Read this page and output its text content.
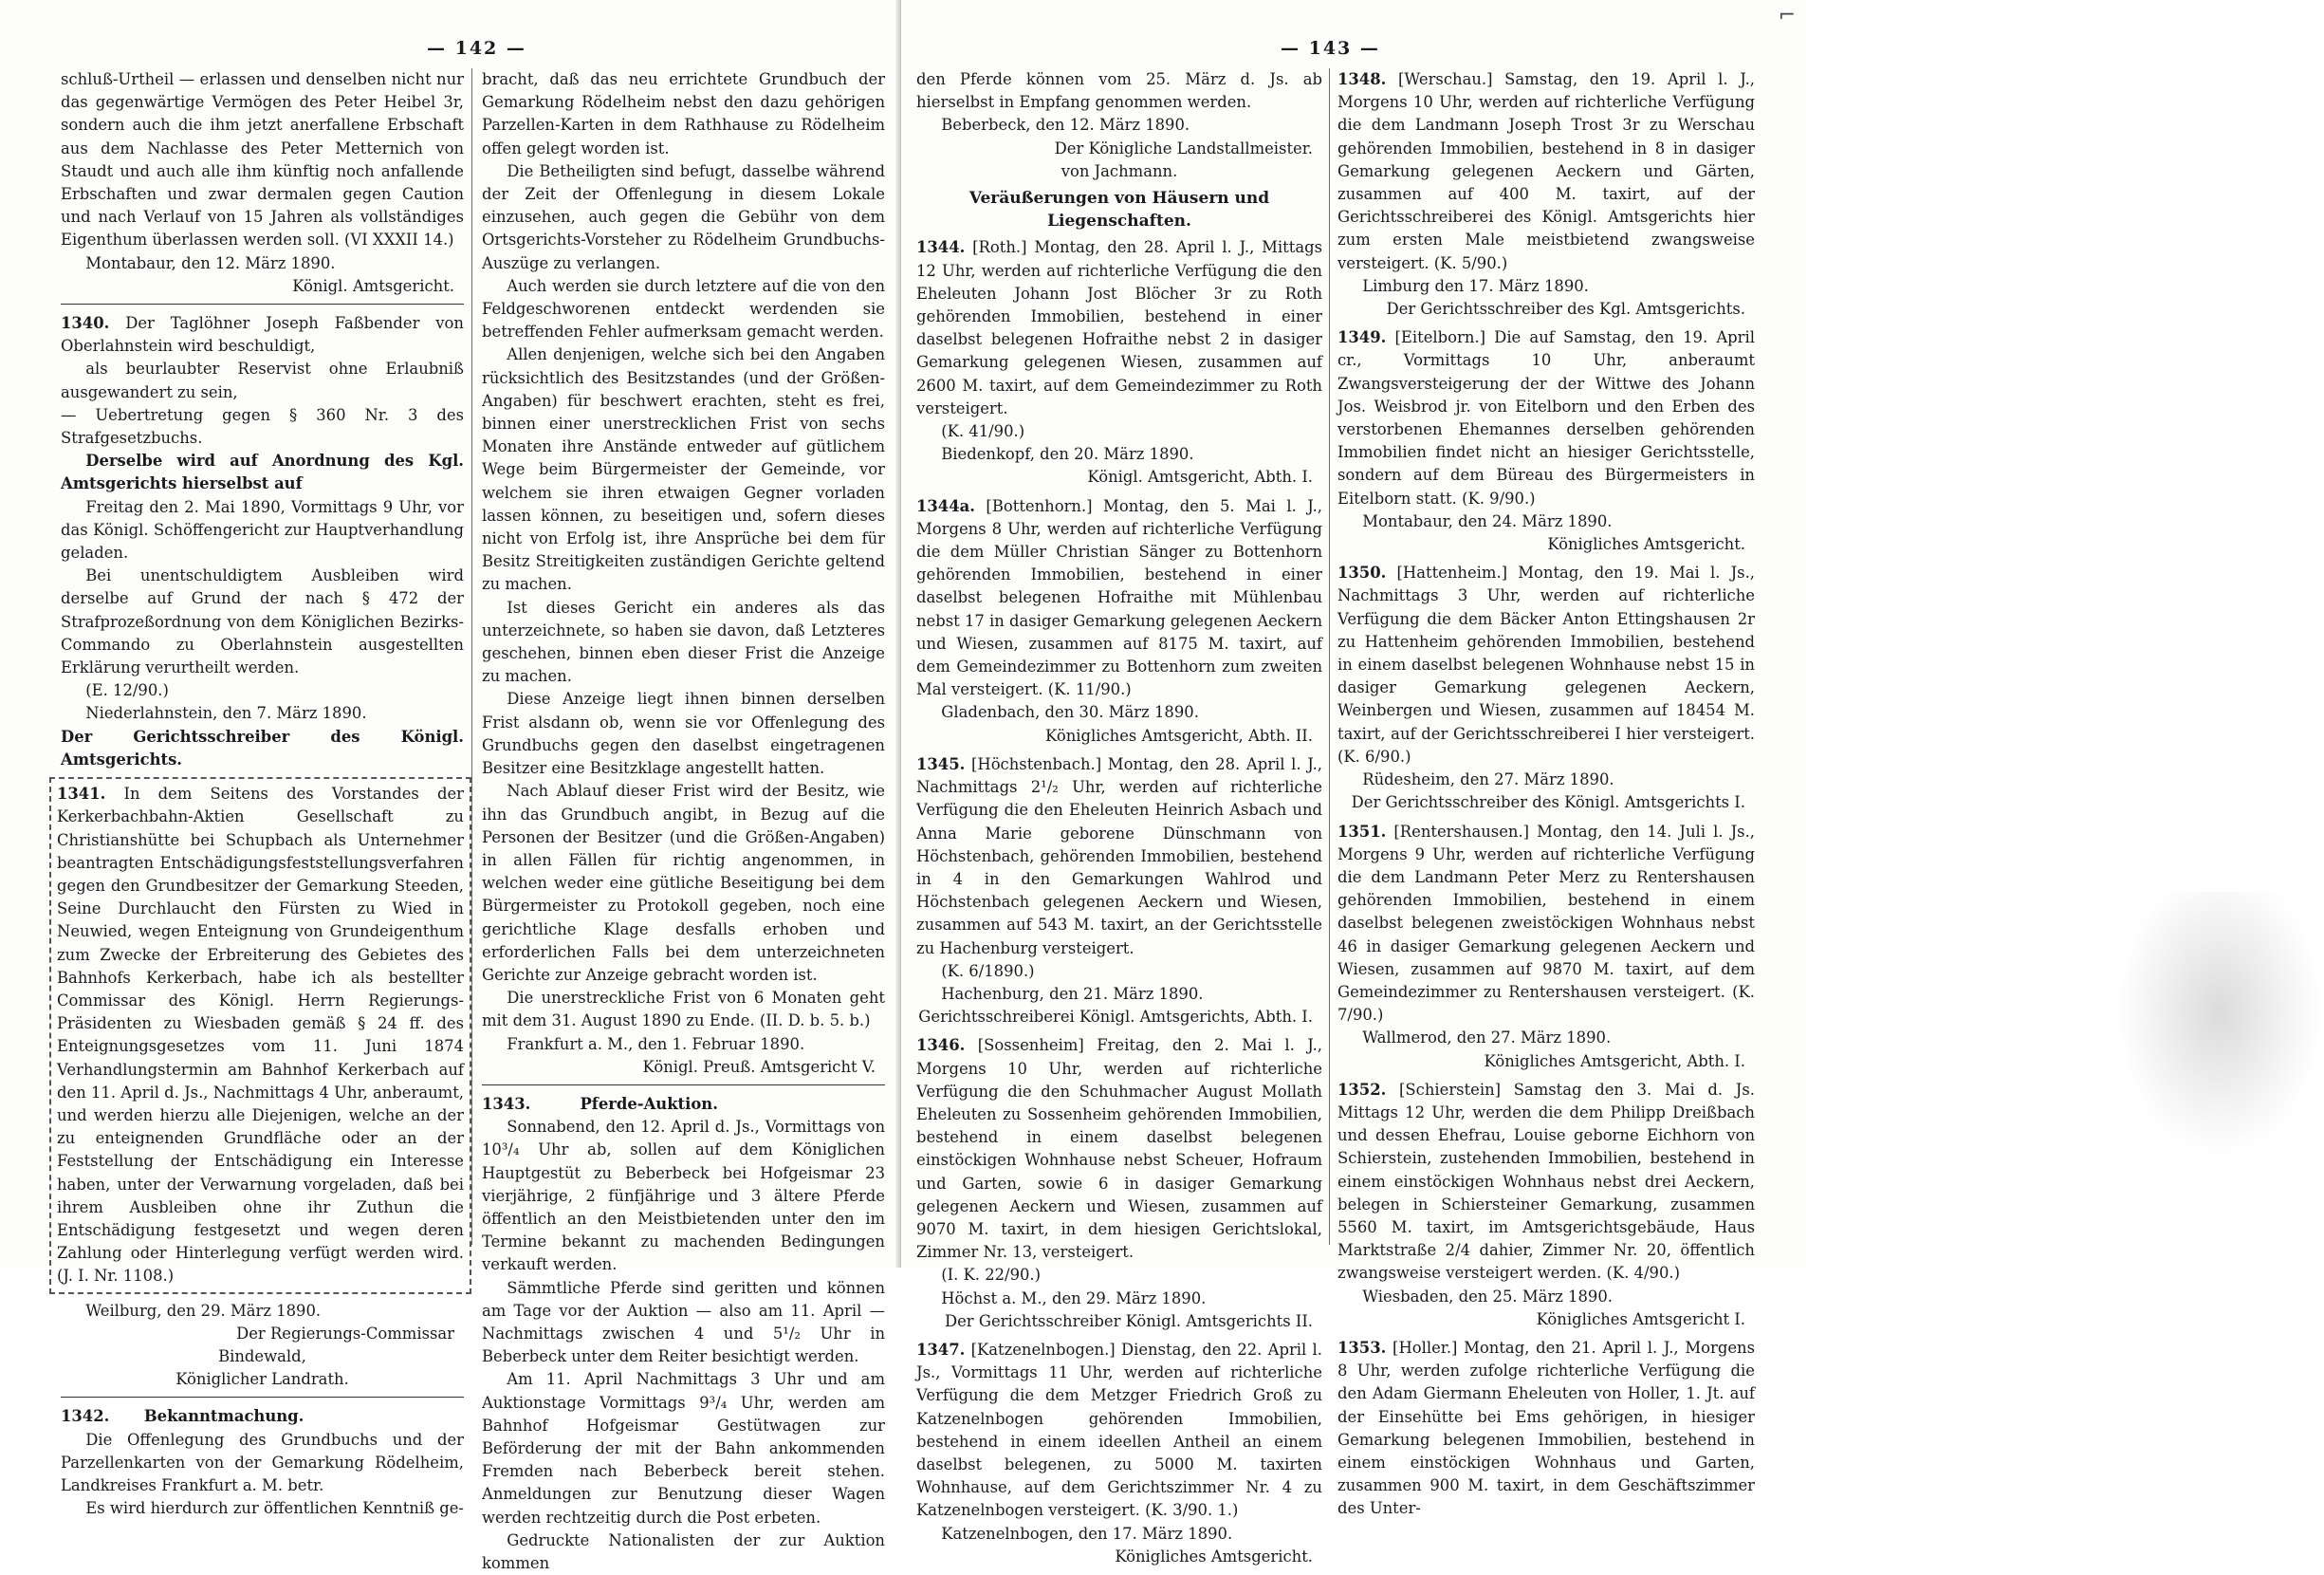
— 142 —

schluß-Urtheil — erlassen und denselben nicht nur das gegenwärtige Vermögen des Peter Heibel 3r, sondern auch die ihm jetzt anerfallene Erbschaft aus dem Nachlasse des Peter Metternich von Staudt und auch alle ihm künftig noch anfallende Erbschaften und zwar dermalen gegen Caution und nach Verlauf von 15 Jahren als vollständiges Eigenthum überlassen werden soll. (VI XXXII 14.)

Montabaur, den 12. März 1890.

Königl. Amtsgericht.

1340. Der Taglöhner Joseph Faßbender von Oberlahnstein wird beschuldigt,

als beurlaubter Reservist ohne Erlaubniß ausgewandert zu sein,

— Uebertretung gegen § 360 Nr. 3 des Strafgesetzbuchs.

Derselbe wird auf Anordnung des Kgl. Amtsgerichts hierselbst auf

Freitag den 2. Mai 1890, Vormittags 9 Uhr, vor das Königl. Schöffengericht zur Hauptverhandlung geladen.

Bei unentschuldigtem Ausbleiben wird derselbe auf Grund der nach § 472 der Strafprozeßordnung von dem Königlichen Bezirks-Commando zu Oberlahnstein ausgestellten Erklärung verurtheilt werden.

(E. 12/90.)

Niederlahnstein, den 7. März 1890.

Der Gerichtsschreiber des Königl. Amtsgerichts.

1341. In dem Seitens des Vorstandes der Kerkerbachbahn-Aktien Gesellschaft zu Christianshütte bei Schupbach als Unternehmer beantragten Entschädigungsfeststellungsverfahren gegen den Grundbesitzer der Gemarkung Steeden, Seine Durchlaucht den Fürsten zu Wied in Neuwied, wegen Enteignung von Grundeigenthum zum Zwecke der Erbreiterung des Gebietes des Bahnhofs Kerkerbach, habe ich als bestellter Commissar des Königl. Herrn Regierungs-Präsidenten zu Wiesbaden gemäß § 24 ff. des Enteignungsgesetzes vom 11. Juni 1874 Verhandlungstermin am Bahnhof Kerkerbach auf den 11. April d. Js., Nachmittags 4 Uhr, anberaumt, und werden hierzu alle Diejenigen, welche an der zu enteignenden Grundfläche oder an der Feststellung der Entschädigung ein Interesse haben, unter der Verwarnung vorgeladen, daß bei ihrem Ausbleiben ohne ihr Zuthun die Entschädigung festgesetzt und wegen deren Zahlung oder Hinterlegung verfügt werden wird. (J. I. Nr. 1108.)

Weilburg, den 29. März 1890.

Der Regierungs-Commissar

Bindewald,

Königlicher Landrath.

1342. Bekanntmachung.

Die Offenlegung des Grundbuchs und der Parzellenkarten von der Gemarkung Rödelheim, Landkreises Frankfurt a. M. betr.

Es wird hierdurch zur öffentlichen Kenntniß ge-

bracht, daß das neu errichtete Grundbuch der Gemarkung Rödelheim nebst den dazu gehörigen Parzellen-Karten in dem Rathhause zu Rödelheim offen gelegt worden ist.

Die Betheiligten sind befugt, dasselbe während der Zeit der Offenlegung in diesem Lokale einzusehen, auch gegen die Gebühr von dem Ortsgerichts-Vorsteher zu Rödelheim Grundbuchs-Auszüge zu verlangen.

Auch werden sie durch letztere auf die von den Feldgeschworenen entdeckt werdenden sie betreffenden Fehler aufmerksam gemacht werden.

Allen denjenigen, welche sich bei den Angaben rücksichtlich des Besitzstandes (und der Größen-Angaben) für beschwert erachten, steht es frei, binnen einer unerstrecklichen Frist von sechs Monaten ihre Anstände entweder auf gütlichem Wege beim Bürgermeister der Gemeinde, vor welchem sie ihren etwaigen Gegner vorladen lassen können, zu beseitigen und, sofern dieses nicht von Erfolg ist, ihre Ansprüche bei dem für Besitz Streitigkeiten zuständigen Gerichte geltend zu machen.

Ist dieses Gericht ein anderes als das unterzeichnete, so haben sie davon, daß Letzteres geschehen, binnen eben dieser Frist die Anzeige zu machen.

Diese Anzeige liegt ihnen binnen derselben Frist alsdann ob, wenn sie vor Offenlegung des Grundbuchs gegen den daselbst eingetragenen Besitzer eine Besitzklage angestellt hatten.

Nach Ablauf dieser Frist wird der Besitz, wie ihn das Grundbuch angibt, in Bezug auf die Personen der Besitzer (und die Größen-Angaben) in allen Fällen für richtig angenommen, in welchen weder eine gütliche Beseitigung bei dem Bürgermeister zu Protokoll gegeben, noch eine gerichtliche Klage desfalls erhoben und erforderlichen Falls bei dem unterzeichneten Gerichte zur Anzeige gebracht worden ist.

Die unerstreckliche Frist von 6 Monaten geht mit dem 31. August 1890 zu Ende. (II. D. b. 5. b.)

Frankfurt a. M., den 1. Februar 1890.

Königl. Preuß. Amtsgericht V.

1343.	Pferde-Auktion.

Sonnabend, den 12. April d. Js., Vormittags von 10³/₄ Uhr ab, sollen auf dem Königlichen Hauptgestüt zu Beberbeck bei Hofgeismar 23 vierjährige, 2 fünfjährige und 3 ältere Pferde öffentlich an den Meistbietenden unter den im Termine bekannt zu machenden Bedingungen verkauft werden.

Sämmtliche Pferde sind geritten und können am Tage vor der Auktion — also am 11. April — Nachmittags zwischen 4 und 5¹/₂ Uhr in Beberbeck unter dem Reiter besichtigt werden.

Am 11. April Nachmittags 3 Uhr und am Auktionstage Vormittags 9³/₄ Uhr, werden am Bahnhof Hofgeismar Gestütwagen zur Beförderung der mit der Bahn ankommenden Fremden nach Beberbeck bereit stehen. Anmeldungen zur Benutzung dieser Wagen werden rechtzeitig durch die Post erbeten.

Gedruckte Nationalisten der zur Auktion kommen

— 143 —
⌐

den Pferde können vom 25. März d. Js. ab hierselbst in Empfang genommen werden.

Beberbeck, den 12. März 1890.

Der Königliche Landstallmeister.

von Jachmann.

Veräußerungen von Häusern und Liegenschaften.

1344. [Roth.] Montag, den 28. April l. J., Mittags 12 Uhr, werden auf richterliche Verfügung die den Eheleuten Johann Jost Blöcher 3r zu Roth gehörenden Immobilien, bestehend in einer daselbst belegenen Hofraithe nebst 2 in dasiger Gemarkung gelegenen Wiesen, zusammen auf 2600 M. taxirt, auf dem Gemeindezimmer zu Roth versteigert.

(K. 41/90.)

Biedenkopf, den 20. März 1890.

Königl. Amtsgericht, Abth. I.

1344a. [Bottenhorn.] Montag, den 5. Mai l. J., Morgens 8 Uhr, werden auf richterliche Verfügung die dem Müller Christian Sänger zu Bottenhorn gehörenden Immobilien, bestehend in einer daselbst belegenen Hofraithe mit Mühlenbau nebst 17 in dasiger Gemarkung gelegenen Aeckern und Wiesen, zusammen auf 8175 M. taxirt, auf dem Gemeindezimmer zu Bottenhorn zum zweiten Mal versteigert. (K. 11/90.)

Gladenbach, den 30. März 1890.

Königliches Amtsgericht, Abth. II.

1345. [Höchstenbach.] Montag, den 28. April l. J., Nachmittags 2¹/₂ Uhr, werden auf richterliche Verfügung die den Eheleuten Heinrich Asbach und Anna Marie geborene Dünschmann von Höchstenbach, gehörenden Immobilien, bestehend in 4 in den Gemarkungen Wahlrod und Höchstenbach gelegenen Aeckern und Wiesen, zusammen auf 543 M. taxirt, an der Gerichtsstelle zu Hachenburg versteigert.

(K. 6/1890.)

Hachenburg, den 21. März 1890.

Gerichtsschreiberei Königl. Amtsgerichts, Abth. I.

1346. [Sossenheim] Freitag, den 2. Mai l. J., Morgens 10 Uhr, werden auf richterliche Verfügung die den Schuhmacher August Mollath Eheleuten zu Sossenheim gehörenden Immobilien, bestehend in einem daselbst belegenen einstöckigen Wohnhause nebst Scheuer, Hofraum und Garten, sowie 6 in dasiger Gemarkung gelegenen Aeckern und Wiesen, zusammen auf 9070 M. taxirt, in dem hiesigen Gerichtslokal, Zimmer Nr. 13, versteigert.

(I. K. 22/90.)

Höchst a. M., den 29. März 1890.

Der Gerichtsschreiber Königl. Amtsgerichts II.

1347. [Katzenelnbogen.] Dienstag, den 22. April l. Js., Vormittags 11 Uhr, werden auf richterliche Verfügung die dem Metzger Friedrich Groß zu Katzenelnbogen gehörenden Immobilien, bestehend in einem ideellen Antheil an einem daselbst belegenen, zu 5000 M. taxirten Wohnhause, auf dem Gerichtszimmer Nr. 4 zu Katzenelnbogen versteigert. (K. 3/90. 1.)

Katzenelnbogen, den 17. März 1890.

Königliches Amtsgericht.

1348. [Werschau.] Samstag, den 19. April l. J., Morgens 10 Uhr, werden auf richterliche Verfügung die dem Landmann Joseph Trost 3r zu Werschau gehörenden Immobilien, bestehend in 8 in dasiger Gemarkung gelegenen Aeckern und Gärten, zusammen auf 400 M. taxirt, auf der Gerichtsschreiberei des Königl. Amtsgerichts hier zum ersten Male meistbietend zwangsweise versteigert. (K. 5/90.)

Limburg den 17. März 1890.

Der Gerichtsschreiber des Kgl. Amtsgerichts.

1349. [Eitelborn.] Die auf Samstag, den 19. April cr., Vormittags 10 Uhr, anberaumt Zwangsversteigerung der der Wittwe des Johann Jos. Weisbrod jr. von Eitelborn und den Erben des verstorbenen Ehemannes derselben gehörenden Immobilien findet nicht an hiesiger Gerichtsstelle, sondern auf dem Büreau des Bürgermeisters in Eitelborn statt. (K. 9/90.)

Montabaur, den 24. März 1890.

Königliches Amtsgericht.

1350. [Hattenheim.] Montag, den 19. Mai l. Js., Nachmittags 3 Uhr, werden auf richterliche Verfügung die dem Bäcker Anton Ettingshausen 2r zu Hattenheim gehörenden Immobilien, bestehend in einem daselbst belegenen Wohnhause nebst 15 in dasiger Gemarkung gelegenen Aeckern, Weinbergen und Wiesen, zusammen auf 18454 M. taxirt, auf der Gerichtsschreiberei I hier versteigert. (K. 6/90.)

Rüdesheim, den 27. März 1890.

Der Gerichtsschreiber des Königl. Amtsgerichts I.

1351. [Rentershausen.] Montag, den 14. Juli l. Js., Morgens 9 Uhr, werden auf richterliche Verfügung die dem Landmann Peter Merz zu Rentershausen gehörenden Immobilien, bestehend in einem daselbst belegenen zweistöckigen Wohnhaus nebst 46 in dasiger Gemarkung gelegenen Aeckern und Wiesen, zusammen auf 9870 M. taxirt, auf dem Gemeindezimmer zu Rentershausen versteigert. (K. 7/90.)

Wallmerod, den 27. März 1890.

Königliches Amtsgericht, Abth. I.

1352. [Schierstein] Samstag den 3. Mai d. Js. Mittags 12 Uhr, werden die dem Philipp Dreißbach und dessen Ehefrau, Louise geborne Eichhorn von Schierstein, zustehenden Immobilien, bestehend in einem einstöckigen Wohnhaus nebst drei Aeckern, belegen in Schiersteiner Gemarkung, zusammen 5560 M. taxirt, im Amtsgerichtsgebäude, Haus Marktstraße 2/4 dahier, Zimmer Nr. 20, öffentlich zwangsweise versteigert werden. (K. 4/90.)

Wiesbaden, den 25. März 1890.

Königliches Amtsgericht I.

1353. [Holler.] Montag, den 21. April l. J., Morgens 8 Uhr, werden zufolge richterliche Verfügung die den Adam Giermann Eheleuten von Holler, 1. Jt. auf der Einsehütte bei Ems gehörigen, in hiesiger Gemarkung belegenen Immobilien, bestehend in einem einstöckigen Wohnhaus und Garten, zusammen 900 M. taxirt, in dem Geschäftszimmer des Unter-
